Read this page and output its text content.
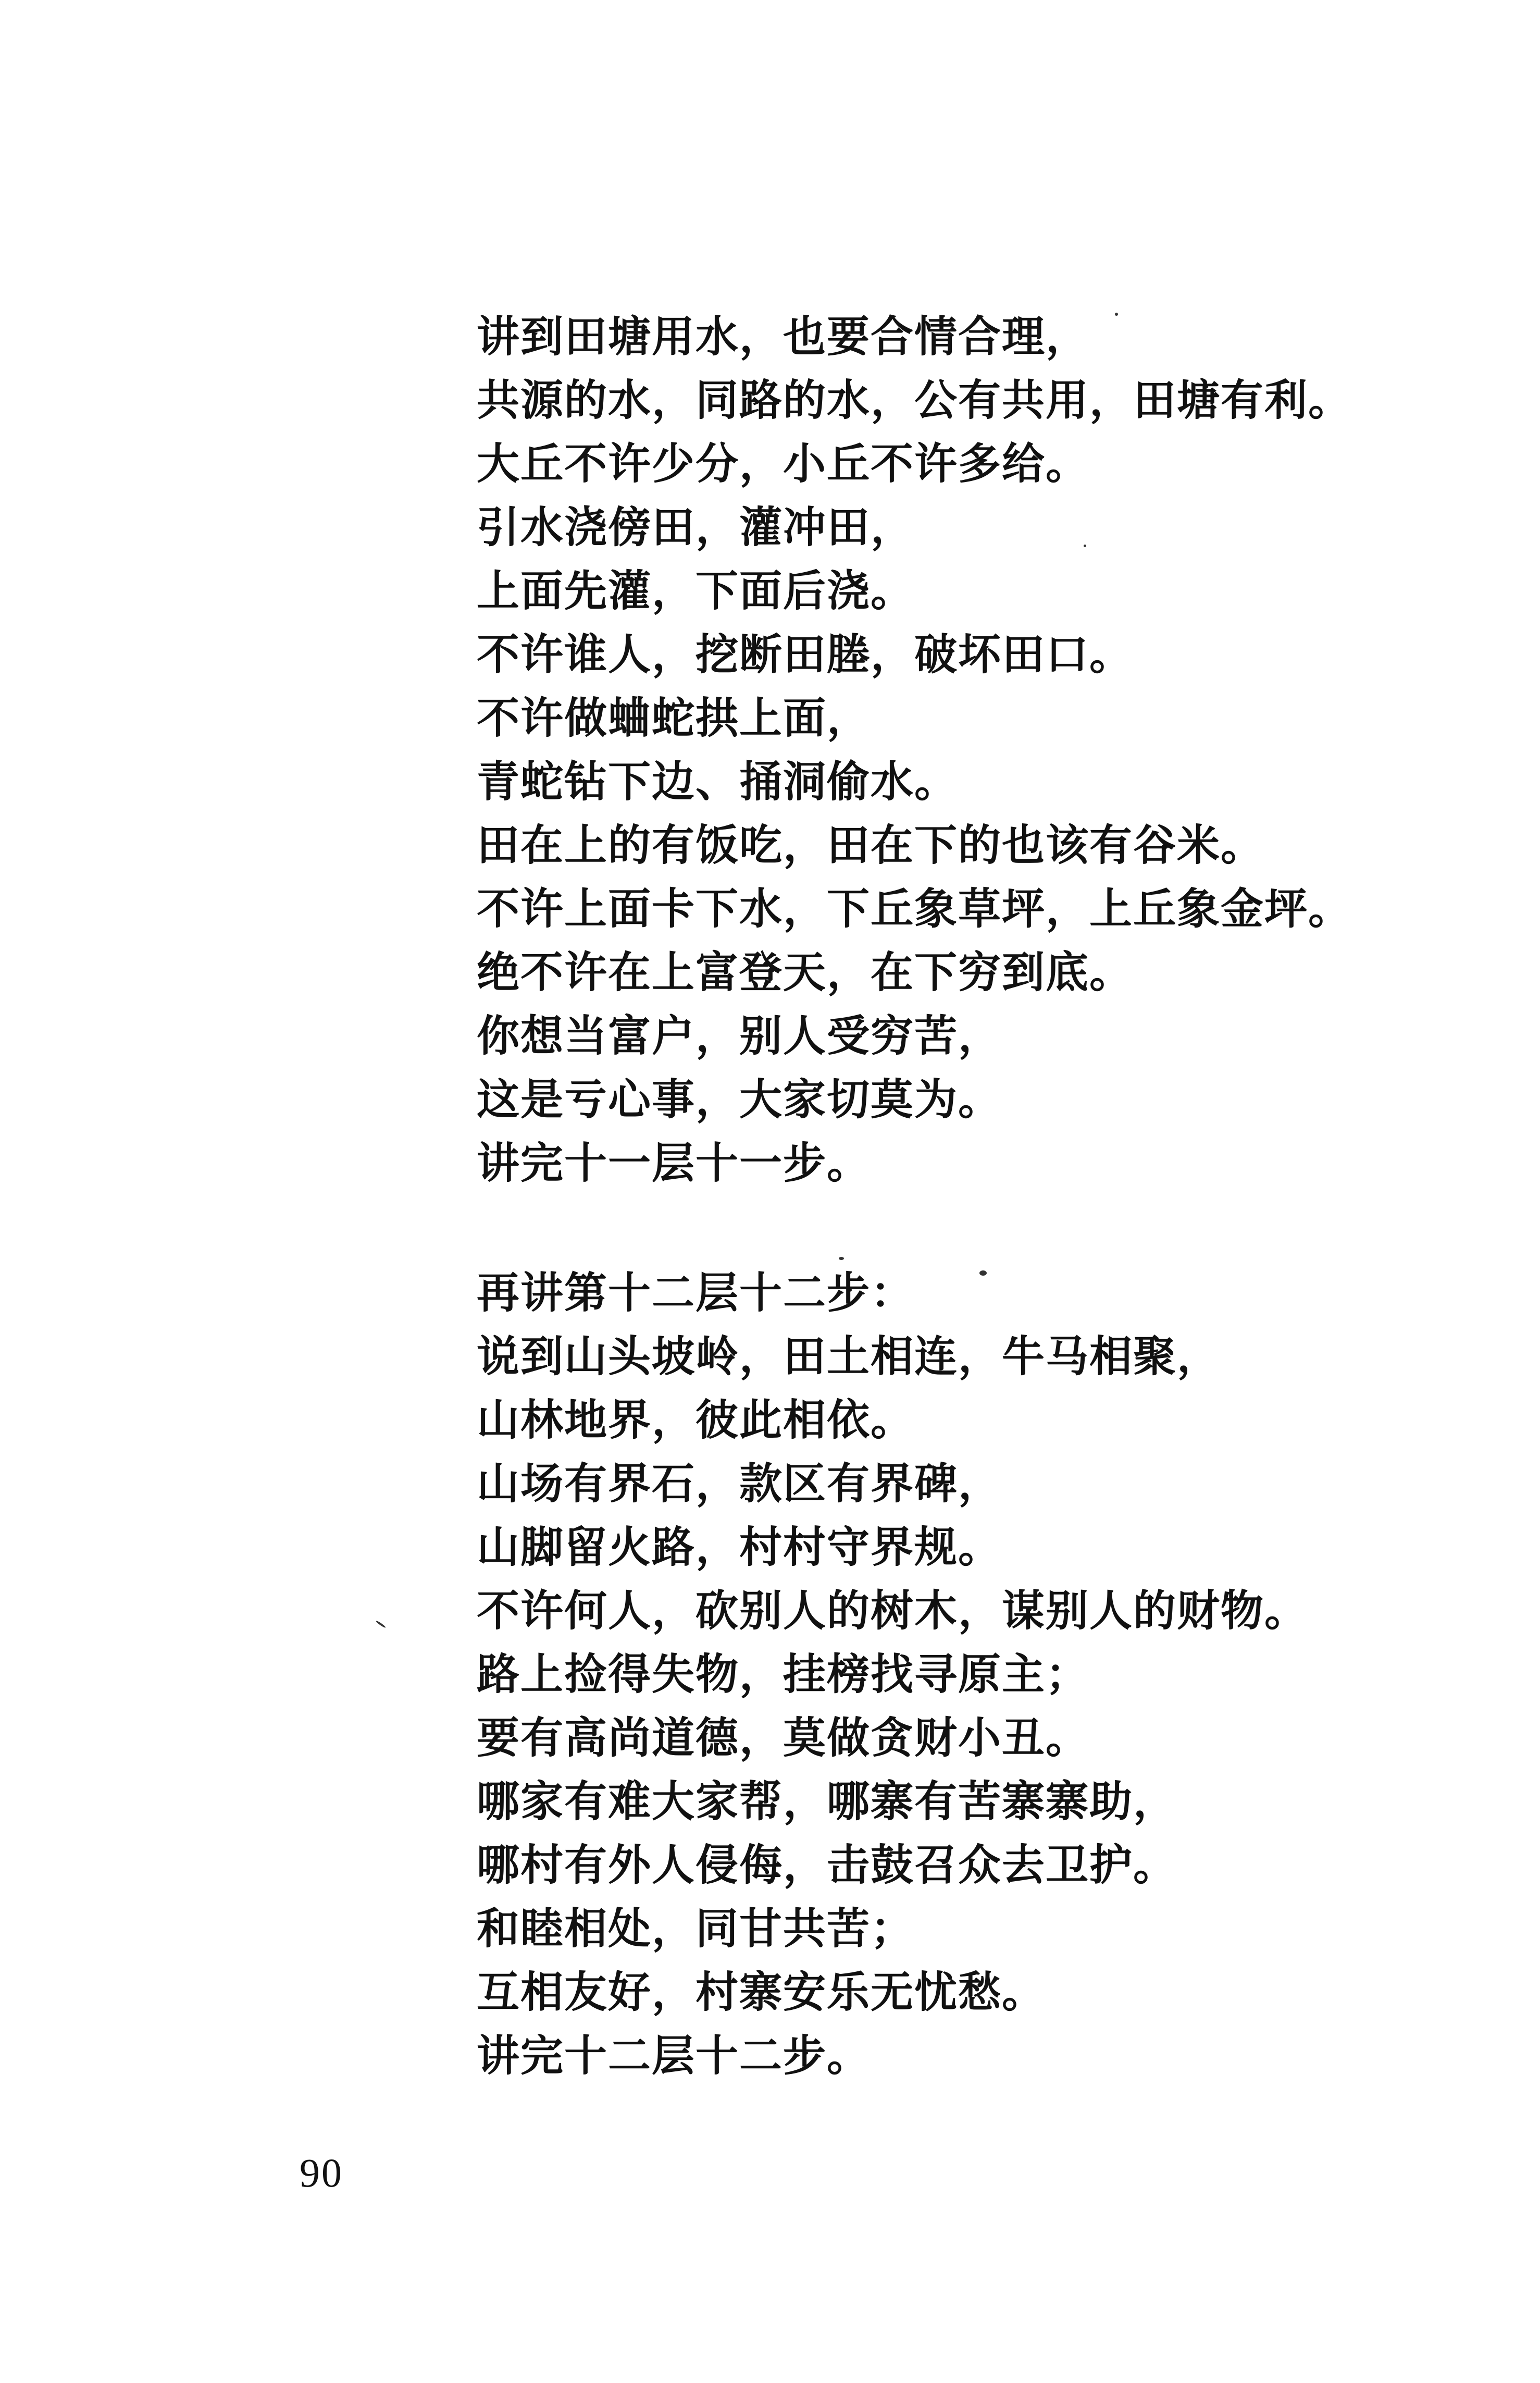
讲到田塘用水，也要合情合理，
共源的水，同路的水，公有共用，田塘有利。
大丘不许少分，小丘不许多给。
引水浇傍田，灌冲田，
上面先灌，下面后浇。
不许谁人，挖断田塍，破坏田口。
不许做蛐蛇拱上面，
青蛇钻下边、捅洞偷水。
田在上的有饭吃，田在下的也该有谷米。
不许上面卡下水，下丘象草坪，上丘象金坪。
绝不许在上富登天，在下穷到底。
你想当富户，别人受穷苦，
这是亏心事，大家切莫为。
讲完十一层十一步。
再讲第十二层十二步：
说到山头坡岭，田土相连，牛马相聚，
山林地界，彼此相依。
山场有界石，款区有界碑，
山脚留火路，村村守界规。
不许何人，砍别人的树木，谋别人的财物。
路上捡得失物，挂榜找寻原主；
要有高尚道德，莫做贪财小丑。
哪家有难大家帮，哪寨有苦寨寨助，
哪村有外人侵侮，击鼓召众去卫护。
和睦相处，同甘共苦；
互相友好，村寨安乐无忧愁。
讲完十二层十二步。
90
